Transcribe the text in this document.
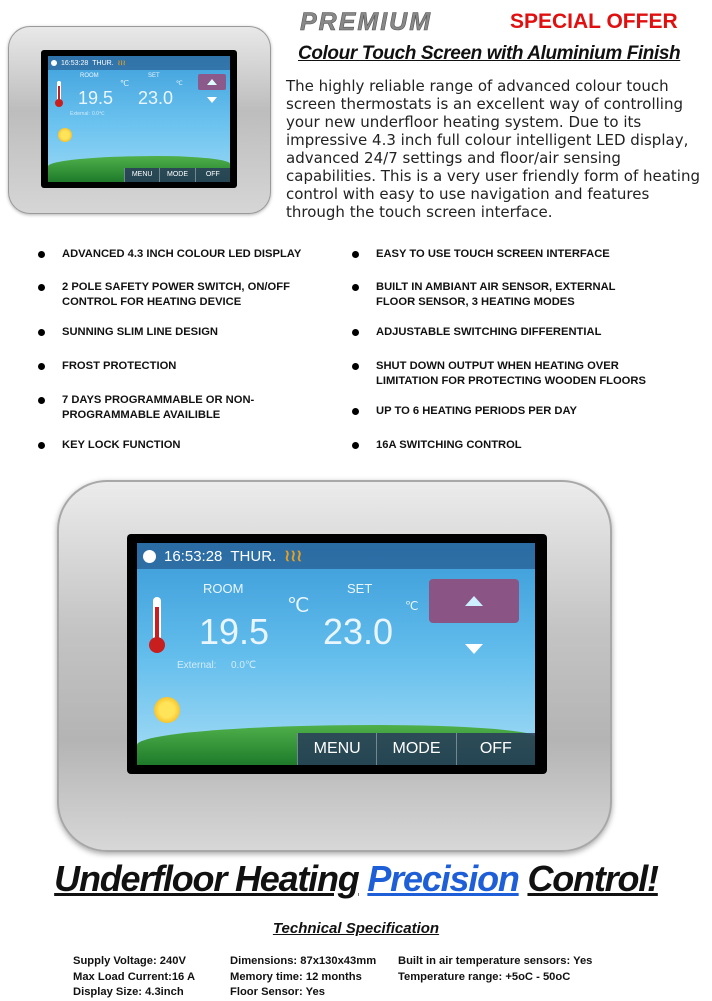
16:53:28 THUR. ≀≀≀
ROOM	SET
℃	℃
19.5 23.0
External: 0.0℃
MENU	MODE	OFF
PREMIUM	SPECIAL OFFER
Colour Touch Screen with Aluminium Finish
The highly reliable range of advanced colour touch screen thermostats is an excellent way of controlling your new underfloor heating system. Due to its impressive 4.3 inch full colour intelligent LED display, advanced 24/7 settings and floor/air sensing capabilities. This is a very user friendly form of heating control with easy to use navigation and features through the touch screen interface.
ADVANCED 4.3 INCH COLOUR LED DISPLAY
2 POLE SAFETY POWER SWITCH, ON/OFF CONTROL FOR HEATING DEVICE
SUNNING SLIM LINE DESIGN
FROST PROTECTION
7 DAYS PROGRAMMABLE OR NON-PROGRAMMABLE AVAILIBLE
KEY LOCK FUNCTION
EASY TO USE TOUCH SCREEN INTERFACE
BUILT IN AMBIANT AIR SENSOR, EXTERNAL FLOOR SENSOR, 3 HEATING MODES
ADJUSTABLE SWITCHING DIFFERENTIAL
SHUT DOWN OUTPUT WHEN HEATING OVER LIMITATION FOR PROTECTING WOODEN FLOORS
UP TO 6 HEATING PERIODS PER DAY
16A SWITCHING CONTROL
16:53:28 THUR. ≀≀≀
ROOM	SET
℃	℃
19.5 23.0
External: 0.0℃
MENU	MODE	OFF
Underfloor Heating Precision Control!
Technical Specification
Supply Voltage: 240V
Max Load Current:16 A
Display Size: 4.3inch
Dimensions: 87x130x43mm
Memory time: 12 months
Floor Sensor: Yes
Built in air temperature sensors: Yes
Temperature range: +5oC - 50oC
